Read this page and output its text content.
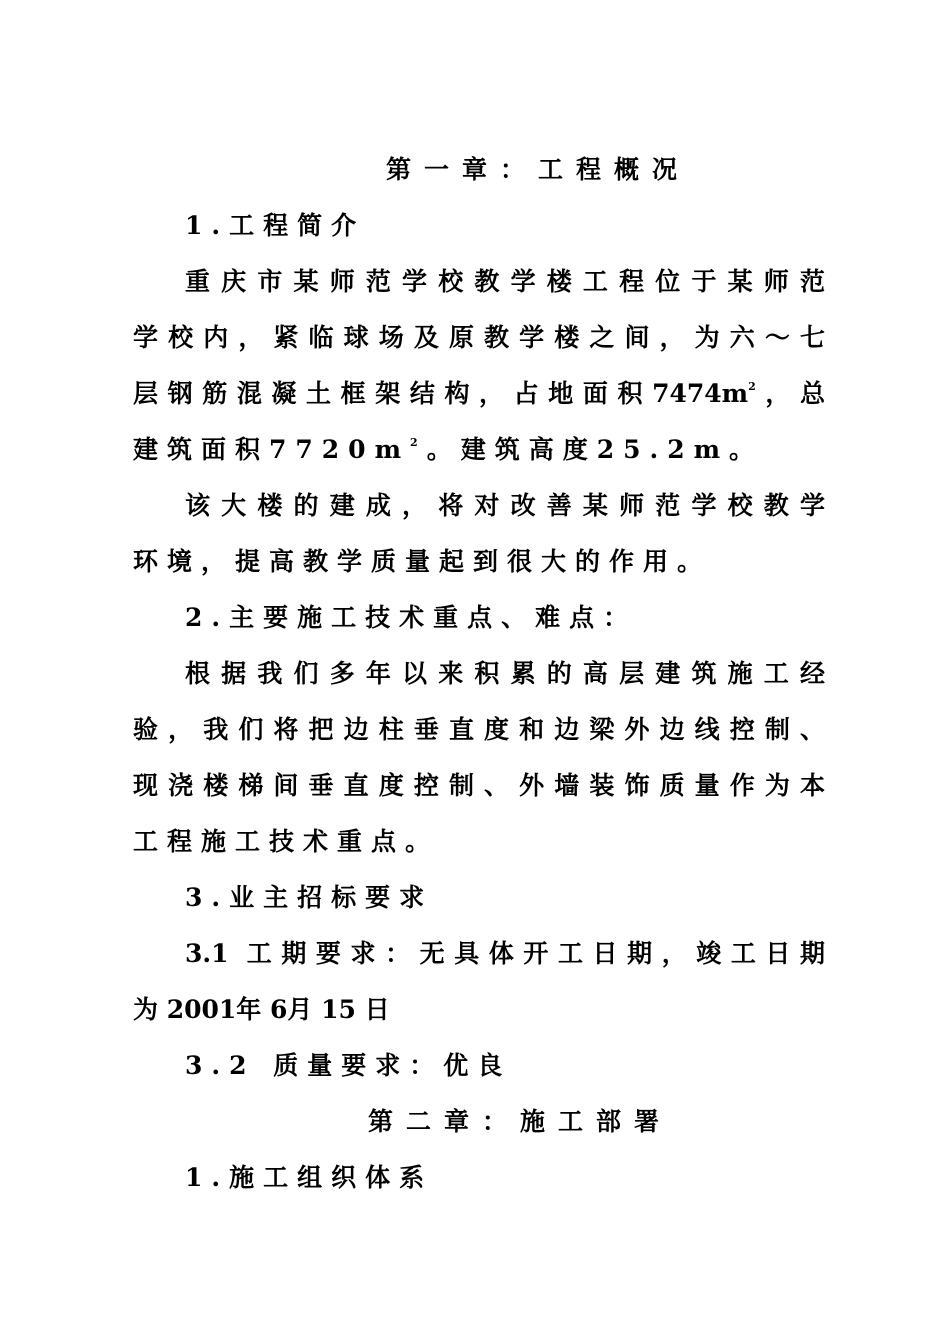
第一章：工程概况
1.工程简介
重庆市某师范学校教学楼工程位于某师范
学校内，紧临球场及原教学楼之间，为六～七
层钢筋混凝土框架结构，占地面积$7474m^2$，总
建筑面积$7720m^2$。建筑高度25.2m。
该大楼的建成，将对改善某师范学校教学
环境，提高教学质量起到很大的作用。
2.主要施工技术重点、难点：
根据我们多年以来积累的高层建筑施工经
验，我们将把边柱垂直度和边梁外边线控制、
现浇楼梯间垂直度控制、外墙装饰质量作为本
工程施工技术重点。
3.业主招标要求
3.1 工期要求：无具体开工日期，竣工日期
为 2001年 6月 15 日
3.2 质量要求：优良
第二章：施工部署
1.施工组织体系
